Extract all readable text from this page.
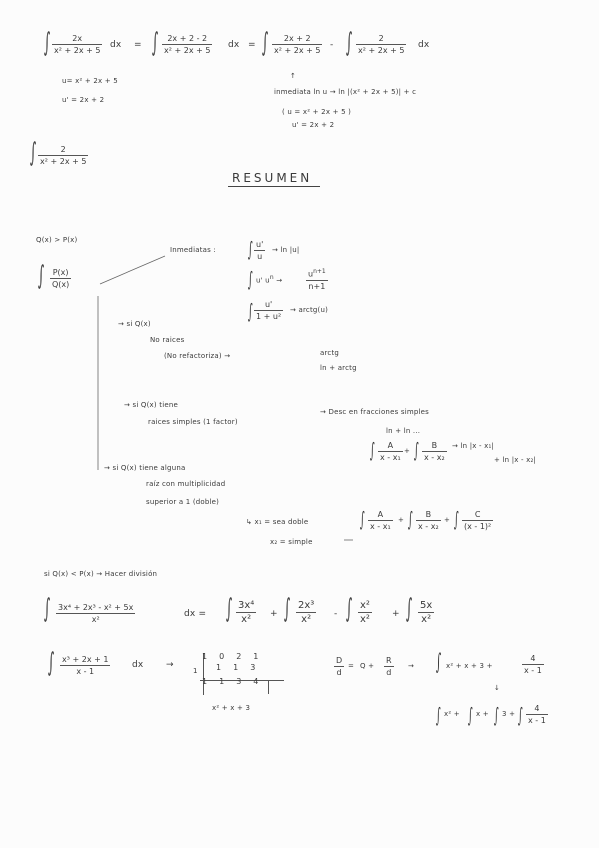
∫	2x
x² + 2x + 5
dx = ∫	2x + 2 - 2
x² + 2x + 5
dx = ∫	2x + 2
x² + 2x + 5
- ∫	2
x² + 2x + 5
dx
u= x² + 2x + 5
u' = 2x + 2
↑
inmediata ln u → ln |(x² + 2x + 5)| + c
( u = x² + 2x + 5 )
u' = 2x + 2
∫	2
x² + 2x + 5
RESUMEN
Q(x) > P(x)
∫	P(x)
Q(x)
Inmediatas : ∫ u'
u
→ ln |u|
∫ u' $u^n$ →
$u^{n+1}$
n+1
∫	u'
1 + u²
→ arctg(u)
→ si Q(x)
No raices
(No refactoriza) →	arctg
ln + arctg
→ si Q(x) tiene
raices simples (1 factor)
→ Desc en fracciones simples
ln + ln ...
∫	A
x - x₁
+ ∫	B
x - x₂
→ ln |x - x₁|
+ ln |x - x₂|
→ si Q(x) tiene alguna
raíz con multiplicidad
superior a 1 (doble)
↳ x₁ = sea doble
x₂ = simple
∫	A
x - x₁
+ ∫	B
x - x₂
+ ∫	C
(x - 1)²
si Q(x) < P(x) → Hacer división
∫ 3x⁴ + 2x³ - x² + 5x
x²
dx = ∫ 3x⁴
x²	+ ∫ 2x³
x²	- ∫ x²
x² + ∫ 5x
x²
∫ x³ + 2x + 1
x - 1
dx	→
1
1 0 2 1
1 1 3
1 1 3 4
x² + x + 3
D
d
= Q +
R
d
→ ∫ x² + x + 3 +
4
x - 1
↓
∫ x² + ∫ x + ∫ 3 + ∫	4
x - 1
